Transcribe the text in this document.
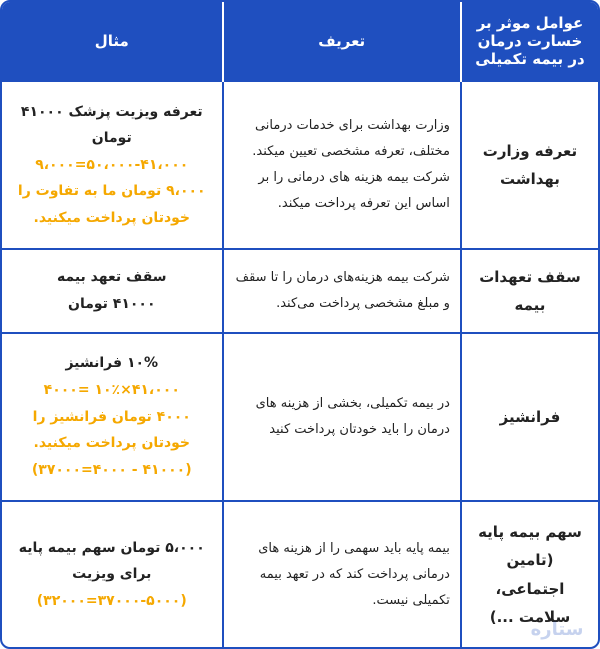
عوامل موثر بر خسارت درمان در بیمه تکمیلی	تعریف	مثال
تعرفه وزارت بهداشت	وزارت بهداشت برای خدمات درمانی مختلف، تعرفه مشخصی تعیین میکند. شرکت بیمه هزینه های درمانی را بر اساس این تعرفه پرداخت میکند.	تعرفه ویزیت پزشک ۴۱۰۰۰ تومان
۵۰،۰۰۰-۴۱،۰۰۰=۹،۰۰۰
۹،۰۰۰ تومان ما به تفاوت را خودتان پرداخت میکنید.

سقف تعهدات بیمه	شرکت بیمه هزینه‌های درمان را تا سقف و مبلغ مشخصی پرداخت می‌کند.	سقف تعهد بیمه
۴۱۰۰۰ تومان

فرانشیز	در بیمه تکمیلی، بخشی از هزینه های درمان را باید خودتان پرداخت کنید	۱۰% فرانشیز
۴۱،۰۰۰×۱۰٪ =۴۰۰۰
۴۰۰۰ تومان فرانشیز را خودتان پرداخت میکنید.
(۴۱۰۰۰ - ۴۰۰۰=۳۷۰۰۰)

سهم بیمه پایه (تامین اجتماعی، سلامت ...)	بیمه پایه باید سهمی را از هزینه های درمانی پرداخت کند که در تعهد بیمه تکمیلی نیست.	۵،۰۰۰ تومان سهم بیمه پایه برای ویزیت
(۳۷۰۰۰-۵۰۰۰=۳۲۰۰۰)
ستاره
